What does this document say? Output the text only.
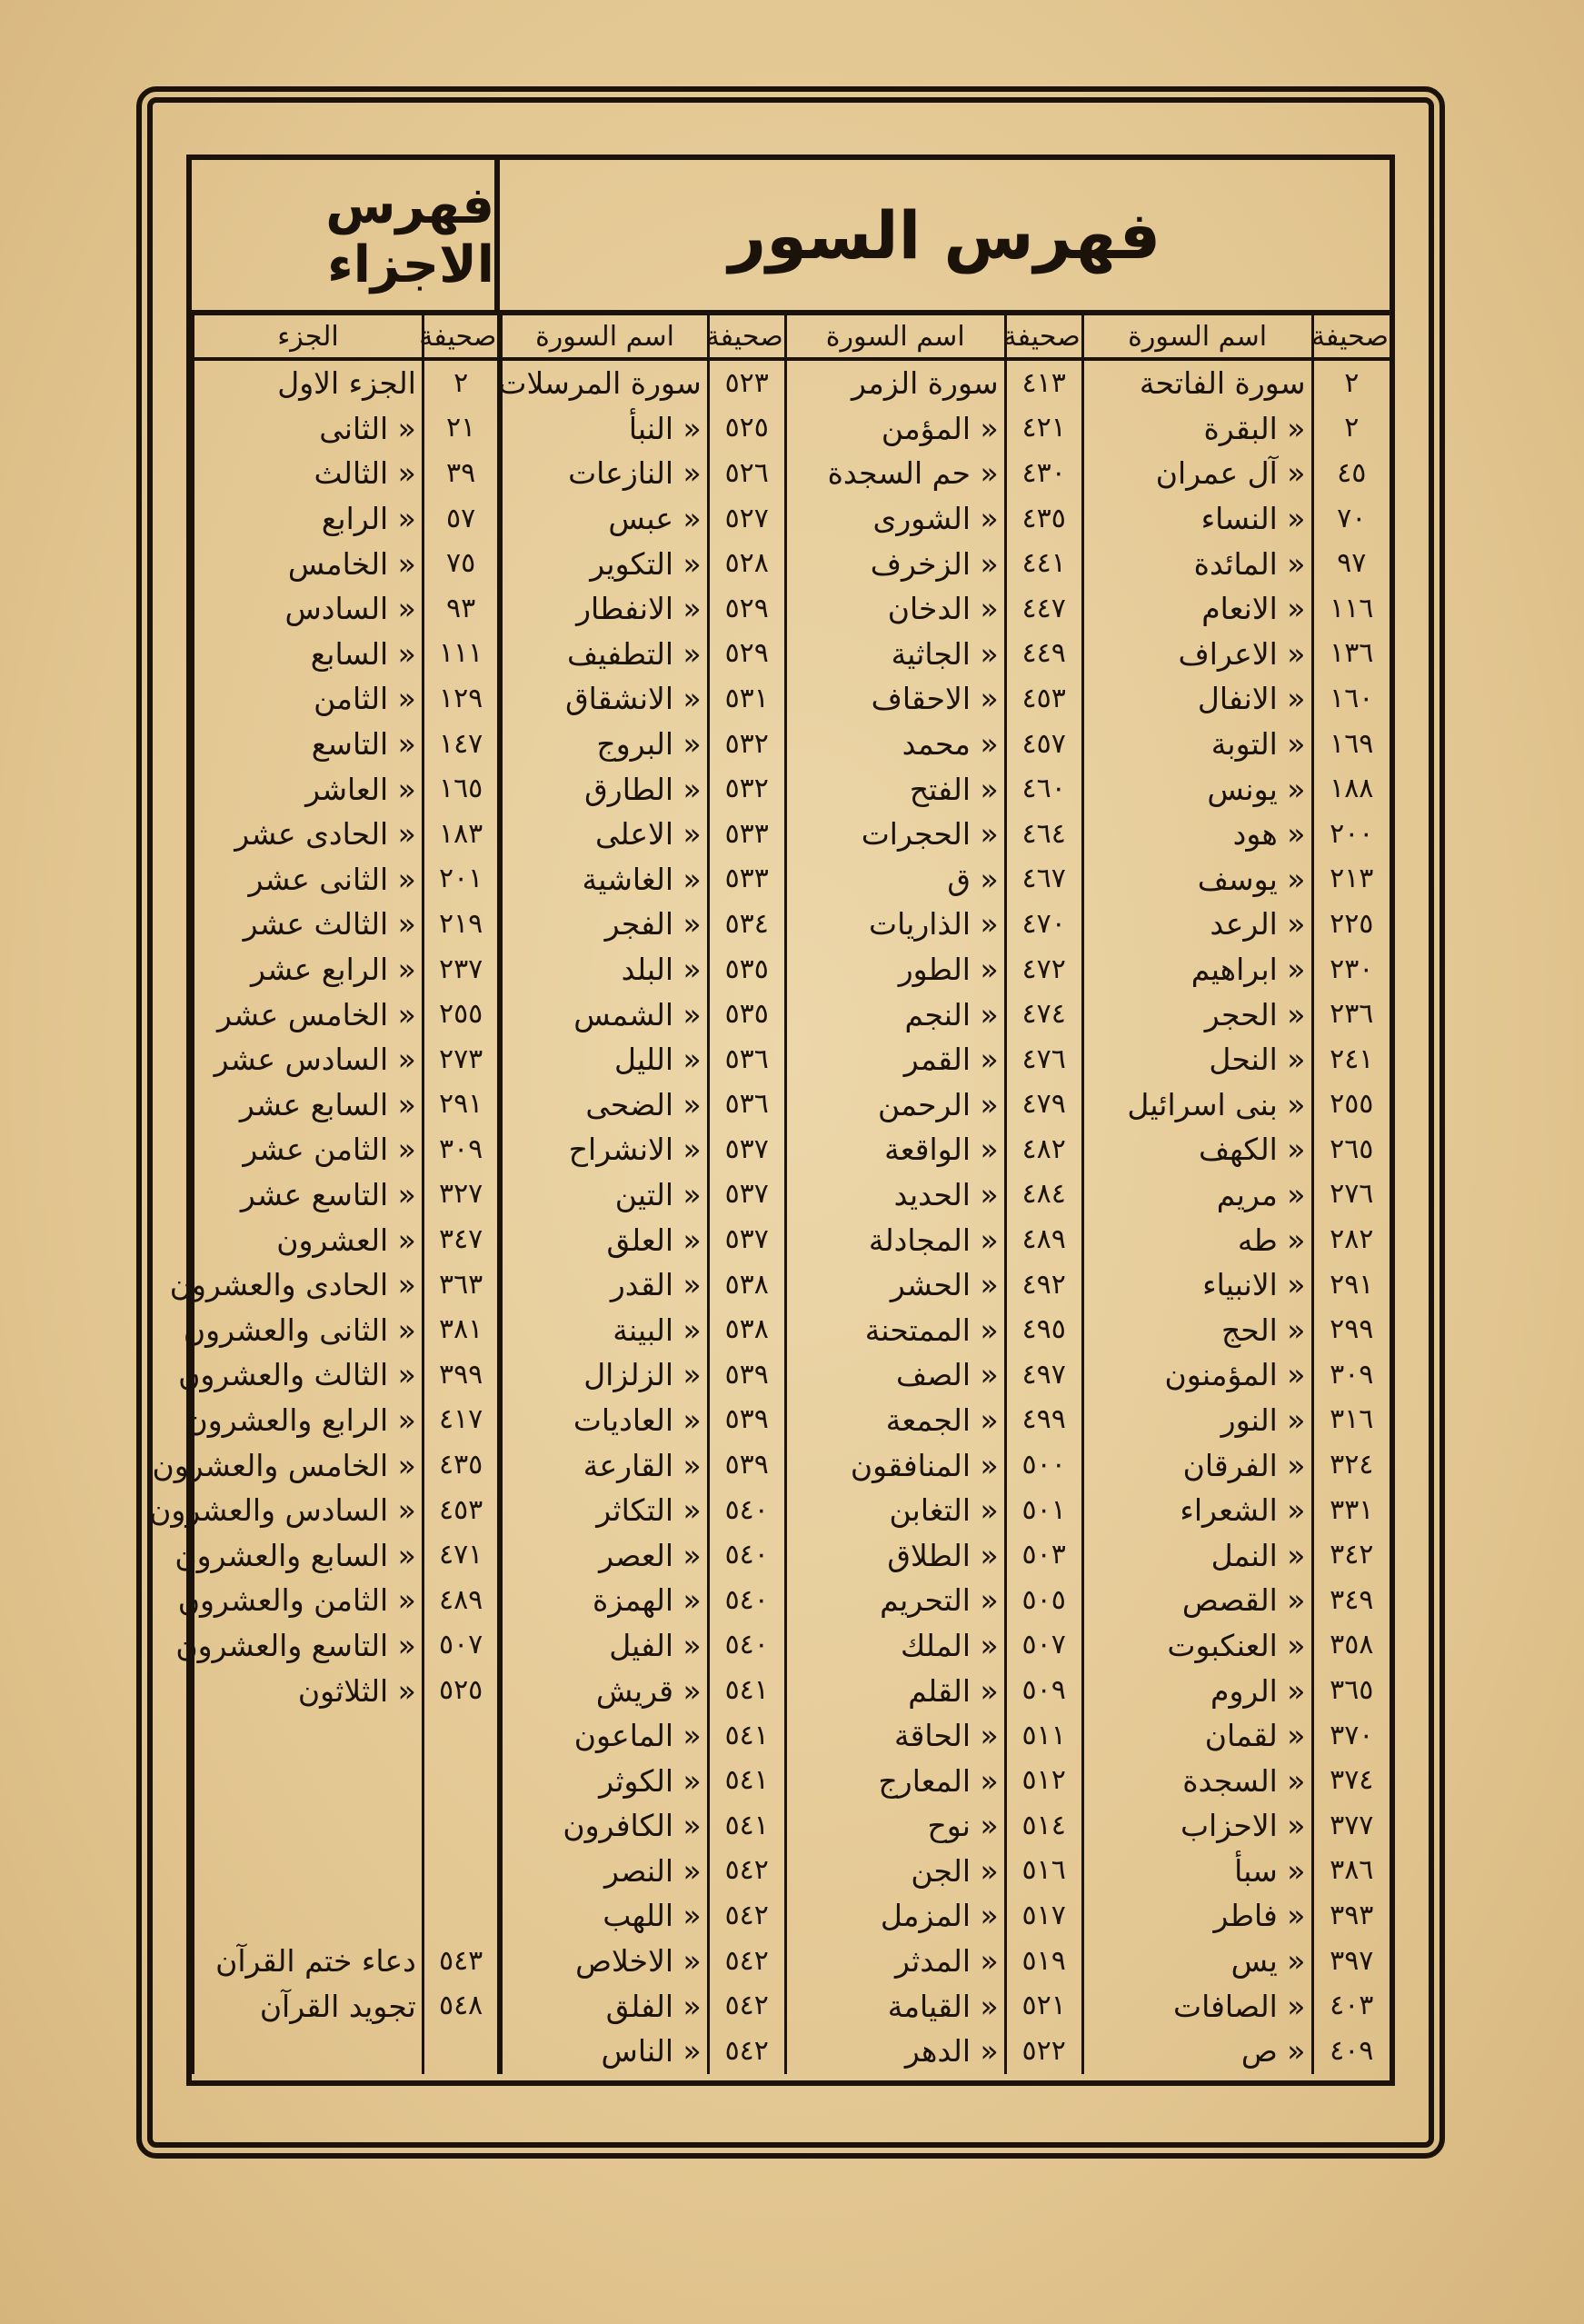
فهرس السور
فهرس الاجزاء
صحيفة	اسم السورة	صحيفة	اسم السورة	صحيفة	اسم السورة	صحيفة	الجزء
٢	سورة الفاتحة	٤١٣	سورة الزمر	٥٢٣	سورة المرسلات	٢	الجزء الاول
٢	« البقرة	٤٢١	« المؤمن	٥٢٥	« النبأ	٢١	« الثانى
٤٥	« آل عمران	٤٣٠	« حم السجدة	٥٢٦	« النازعات	٣٩	« الثالث
٧٠	« النساء	٤٣٥	« الشورى	٥٢٧	« عبس	٥٧	« الرابع
٩٧	« المائدة	٤٤١	« الزخرف	٥٢٨	« التكوير	٧٥	« الخامس
١١٦	« الانعام	٤٤٧	« الدخان	٥٢٩	« الانفطار	٩٣	« السادس
١٣٦	« الاعراف	٤٤٩	« الجاثية	٥٢٩	« التطفيف	١١١	« السابع
١٦٠	« الانفال	٤٥٣	« الاحقاف	٥٣١	« الانشقاق	١٢٩	« الثامن
١٦٩	« التوبة	٤٥٧	« محمد	٥٣٢	« البروج	١٤٧	« التاسع
١٨٨	« يونس	٤٦٠	« الفتح	٥٣٢	« الطارق	١٦٥	« العاشر
٢٠٠	« هود	٤٦٤	« الحجرات	٥٣٣	« الاعلى	١٨٣	« الحادى عشر
٢١٣	« يوسف	٤٦٧	« ق	٥٣٣	« الغاشية	٢٠١	« الثانى عشر
٢٢٥	« الرعد	٤٧٠	« الذاريات	٥٣٤	« الفجر	٢١٩	« الثالث عشر
٢٣٠	« ابراهيم	٤٧٢	« الطور	٥٣٥	« البلد	٢٣٧	« الرابع عشر
٢٣٦	« الحجر	٤٧٤	« النجم	٥٣٥	« الشمس	٢٥٥	« الخامس عشر
٢٤١	« النحل	٤٧٦	« القمر	٥٣٦	« الليل	٢٧٣	« السادس عشر
٢٥٥	« بنى اسرائيل	٤٧٩	« الرحمن	٥٣٦	« الضحى	٢٩١	« السابع عشر
٢٦٥	« الكهف	٤٨٢	« الواقعة	٥٣٧	« الانشراح	٣٠٩	« الثامن عشر
٢٧٦	« مريم	٤٨٤	« الحديد	٥٣٧	« التين	٣٢٧	« التاسع عشر
٢٨٢	« طه	٤٨٩	« المجادلة	٥٣٧	« العلق	٣٤٧	« العشرون
٢٩١	« الانبياء	٤٩٢	« الحشر	٥٣٨	« القدر	٣٦٣	« الحادى والعشرون
٢٩٩	« الحج	٤٩٥	« الممتحنة	٥٣٨	« البينة	٣٨١	« الثانى والعشرون
٣٠٩	« المؤمنون	٤٩٧	« الصف	٥٣٩	« الزلزال	٣٩٩	« الثالث والعشرون
٣١٦	« النور	٤٩٩	« الجمعة	٥٣٩	« العاديات	٤١٧	« الرابع والعشرون
٣٢٤	« الفرقان	٥٠٠	« المنافقون	٥٣٩	« القارعة	٤٣٥	« الخامس والعشرون
٣٣١	« الشعراء	٥٠١	« التغابن	٥٤٠	« التكاثر	٤٥٣	« السادس والعشرون
٣٤٢	« النمل	٥٠٣	« الطلاق	٥٤٠	« العصر	٤٧١	« السابع والعشرون
٣٤٩	« القصص	٥٠٥	« التحريم	٥٤٠	« الهمزة	٤٨٩	« الثامن والعشرون
٣٥٨	« العنكبوت	٥٠٧	« الملك	٥٤٠	« الفيل	٥٠٧	« التاسع والعشرون
٣٦٥	« الروم	٥٠٩	« القلم	٥٤١	« قريش	٥٢٥	« الثلاثون
٣٧٠	« لقمان	٥١١	« الحاقة	٥٤١	« الماعون		
٣٧٤	« السجدة	٥١٢	« المعارج	٥٤١	« الكوثر		
٣٧٧	« الاحزاب	٥١٤	« نوح	٥٤١	« الكافرون		
٣٨٦	« سبأ	٥١٦	« الجن	٥٤٢	« النصر		
٣٩٣	« فاطر	٥١٧	« المزمل	٥٤٢	« اللهب		
٣٩٧	« يس	٥١٩	« المدثر	٥٤٢	« الاخلاص	٥٤٣	دعاء ختم القرآن
٤٠٣	« الصافات	٥٢١	« القيامة	٥٤٢	« الفلق	٥٤٨	تجويد القرآن
٤٠٩	« ص	٥٢٢	« الدهر	٥٤٢	« الناس		
